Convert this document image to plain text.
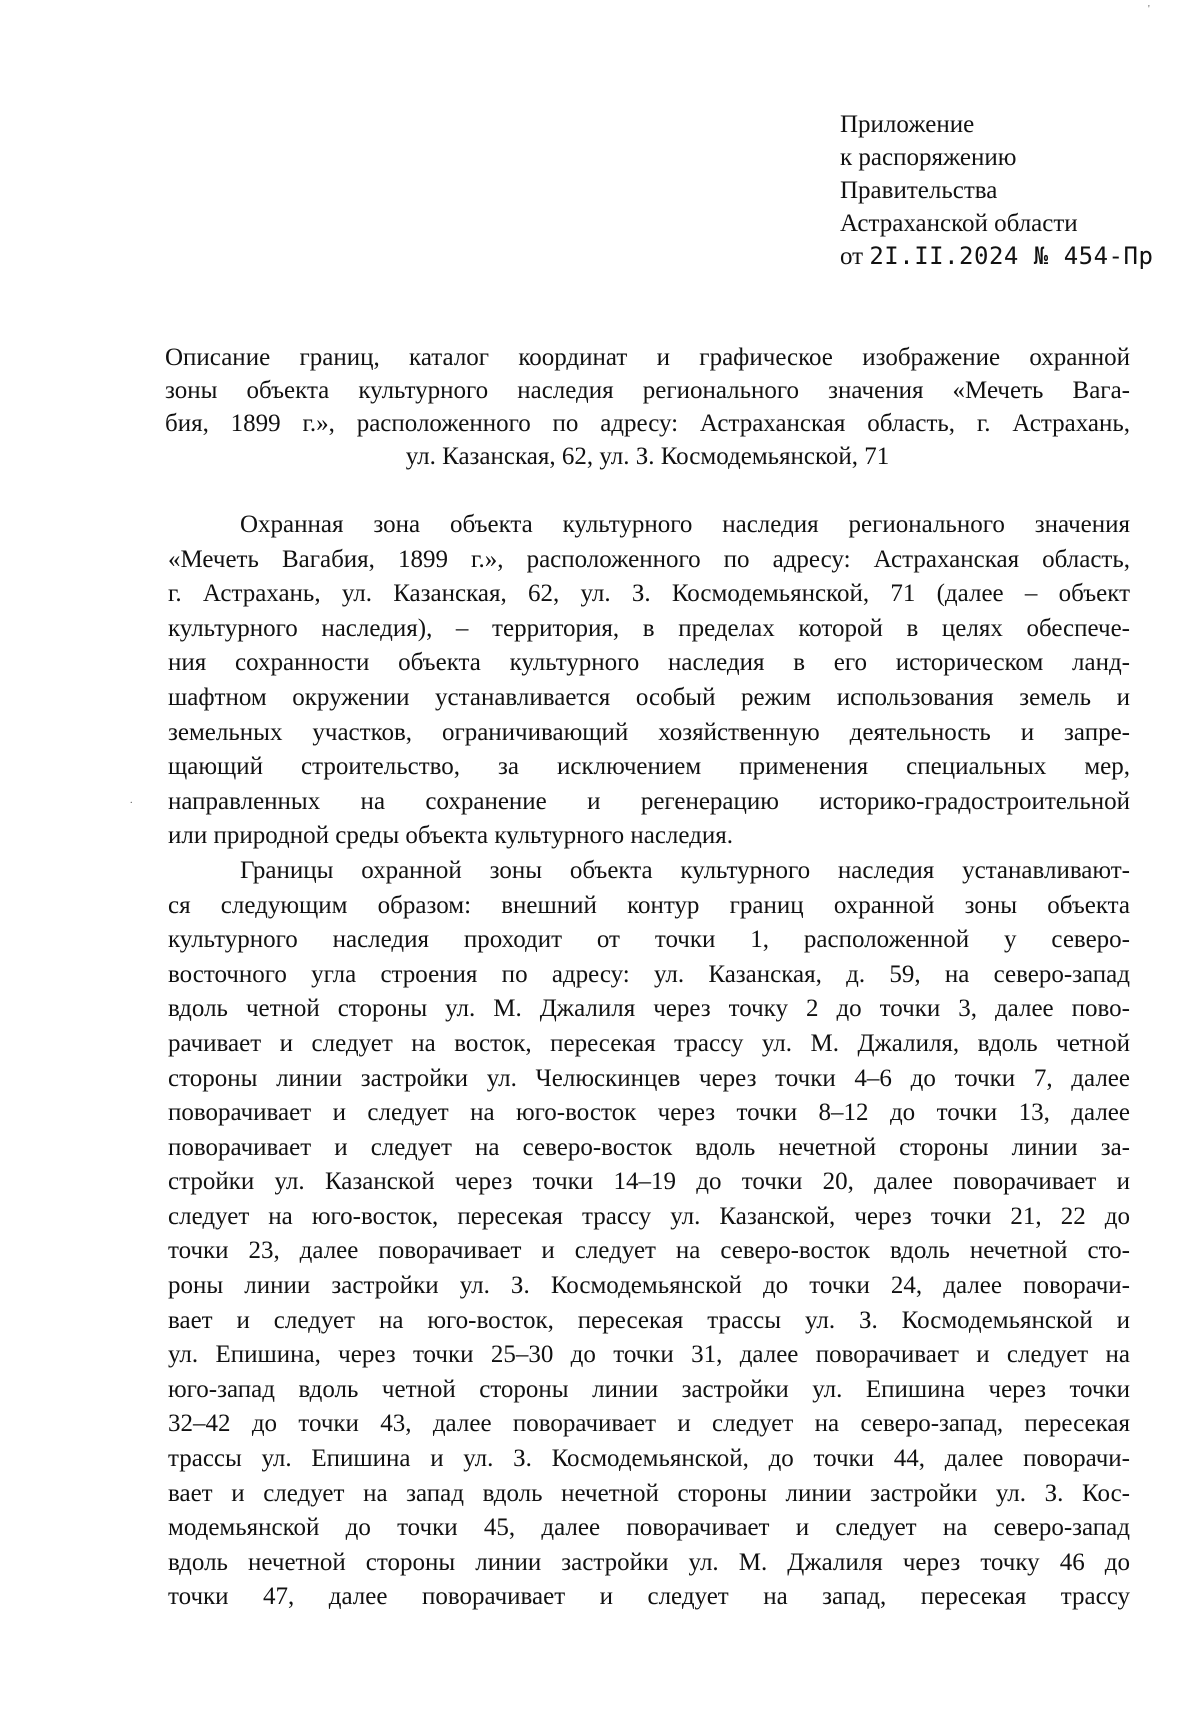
'
.
Приложение
к распоряжению
Правительства
Астраханской области
от 2I.II.2024 № 454-Пр
Описание границ, каталог координат и графическое изображение охранной
зоны объекта культурного наследия регионального значения «Мечеть Вага-
бия, 1899 г.», расположенного по адресу: Астраханская область, г. Астрахань,
ул. Казанская, 62, ул. З. Космодемьянской, 71
Охранная зона объекта культурного наследия регионального значения
«Мечеть Вагабия, 1899 г.», расположенного по адресу: Астраханская область,
г. Астрахань, ул. Казанская, 62, ул. З. Космодемьянской, 71 (далее – объект
культурного наследия), – территория, в пределах которой в целях обеспече-
ния сохранности объекта культурного наследия в его историческом ланд-
шафтном окружении устанавливается особый режим использования земель и
земельных участков, ограничивающий хозяйственную деятельность и запре-
щающий строительство, за исключением применения специальных мер,
направленных на сохранение и регенерацию историко-градостроительной
или природной среды объекта культурного наследия.
Границы охранной зоны объекта культурного наследия устанавливают-
ся следующим образом: внешний контур границ охранной зоны объекта
культурного наследия проходит от точки 1, расположенной у северо-
восточного угла строения по адресу: ул. Казанская, д. 59, на северо-запад
вдоль четной стороны ул. М. Джалиля через точку 2 до точки 3, далее пово-
рачивает и следует на восток, пересекая трассу ул. М. Джалиля, вдоль четной
стороны линии застройки ул. Челюскинцев через точки 4–6 до точки 7, далее
поворачивает и следует на юго-восток через точки 8–12 до точки 13, далее
поворачивает и следует на северо-восток вдоль нечетной стороны линии за-
стройки ул. Казанской через точки 14–19 до точки 20, далее поворачивает и
следует на юго-восток, пересекая трассу ул. Казанской, через точки 21, 22 до
точки 23, далее поворачивает и следует на северо-восток вдоль нечетной сто-
роны линии застройки ул. З. Космодемьянской до точки 24, далее поворачи-
вает и следует на юго-восток, пересекая трассы ул. З. Космодемьянской и
ул. Епишина, через точки 25–30 до точки 31, далее поворачивает и следует на
юго-запад вдоль четной стороны линии застройки ул. Епишина через точки
32–42 до точки 43, далее поворачивает и следует на северо-запад, пересекая
трассы ул. Епишина и ул. З. Космодемьянской, до точки 44, далее поворачи-
вает и следует на запад вдоль нечетной стороны линии застройки ул. З. Кос-
модемьянской до точки 45, далее поворачивает и следует на северо-запад
вдоль нечетной стороны линии застройки ул. М. Джалиля через точку 46 до
точки 47, далее поворачивает и следует на запад, пересекая трассу
